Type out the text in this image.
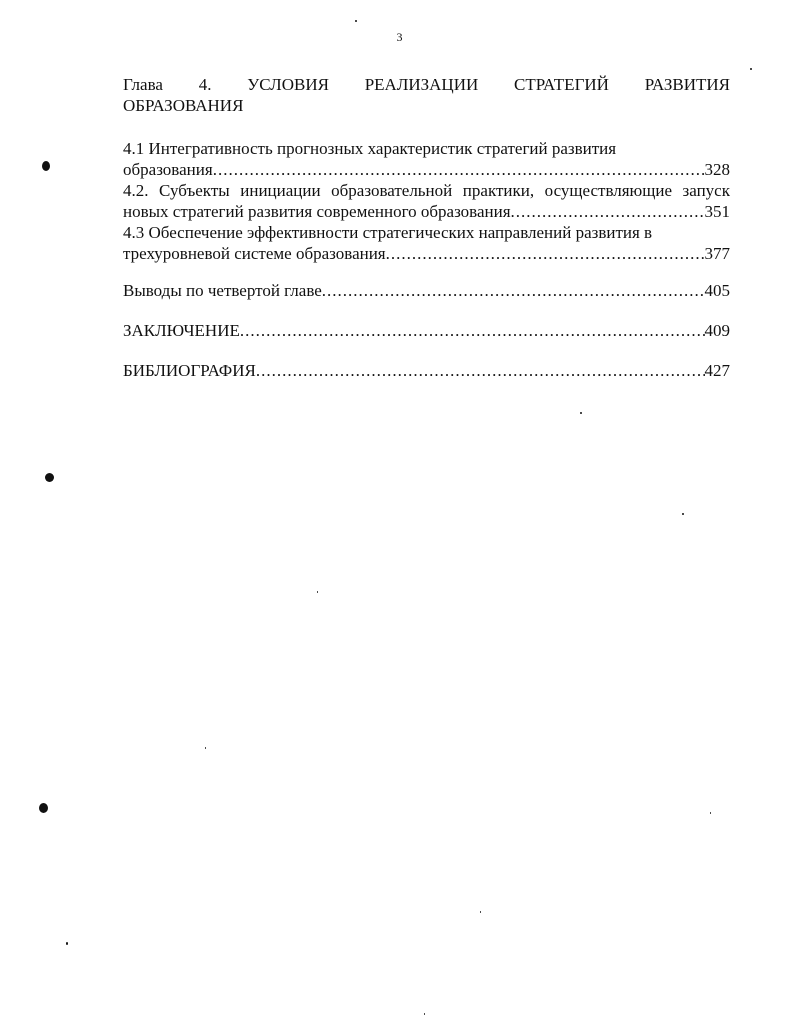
3
Глава 4. УСЛОВИЯ РЕАЛИЗАЦИИ СТРАТЕГИЙ РАЗВИТИЯ
ОБРАЗОВАНИЯ
4.1 Интегративность прогнозных характеристик стратегий развития
образования .....	328
4.2. Субъекты инициации образовательной практики, осуществляющие запуск
новых стратегий развития современного образования .....	351
4.3 Обеспечение эффективности стратегических направлений развития в
трехуровневой системе образования .....	377
Выводы по четвертой главе .....	405
ЗАКЛЮЧЕНИЕ .....	409
БИБЛИОГРАФИЯ .....	427
